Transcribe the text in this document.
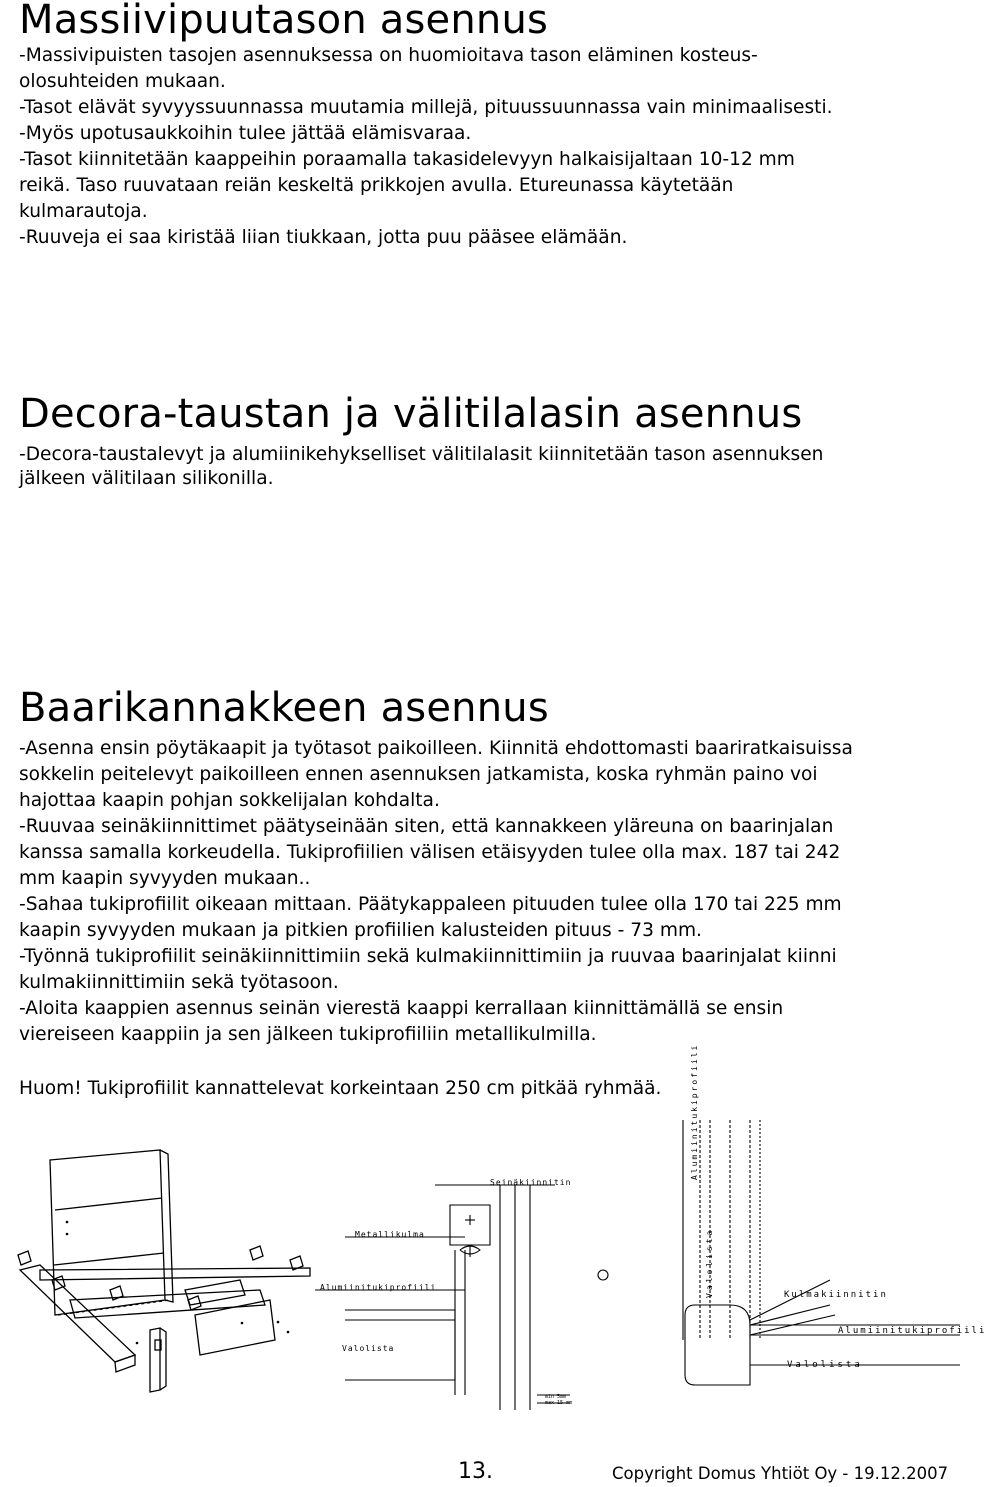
Massiivipuutason asennus
-Massivipuisten tasojen asennuksessa on huomioitava tason eläminen kosteus-
olosuhteiden mukaan.
-Tasot elävät syvyyssuunnassa muutamia millejä, pituussuunnassa vain minimaalisesti.
-Myös upotusaukkoihin tulee jättää elämisvaraa.
-Tasot kiinnitetään kaappeihin poraamalla takasidelevyyn halkaisijaltaan 10-12 mm
reikä. Taso ruuvataan reiän keskeltä prikkojen avulla. Etureunassa käytetään
kulmarautoja.
-Ruuveja ei saa kiristää liian tiukkaan, jotta puu pääsee elämään.
Decora-taustan ja välitilalasin asennus
-Decora-taustalevyt ja alumiinikehykselliset välitilalasit kiinnitetään tason asennuksen
jälkeen välitilaan silikonilla.
Baarikannakkeen asennus
-Asenna ensin pöytäkaapit ja työtasot paikoilleen. Kiinnitä ehdottomasti baariratkaisuissa
sokkelin peitelevyt paikoilleen ennen asennuksen jatkamista, koska ryhmän paino voi
hajottaa kaapin pohjan sokkelijalan kohdalta.
-Ruuvaa seinäkiinnittimet päätyseinään siten, että kannakkeen yläreuna on baarinjalan
kanssa samalla korkeudella. Tukiprofiilien välisen etäisyyden tulee olla max. 187 tai 242
mm kaapin syvyyden mukaan..
-Sahaa tukiprofiilit oikeaan mittaan. Päätykappaleen pituuden tulee olla 170 tai 225 mm
kaapin syvyyden mukaan ja pitkien profiilien kalusteiden pituus - 73 mm.
-Työnnä tukiprofiilit seinäkiinnittimiin sekä kulmakiinnittimiin ja ruuvaa baarinjalat kiinni
kulmakiinnittimiin sekä työtasoon.
-Aloita kaappien asennus seinän vierestä kaappi kerrallaan kiinnittämällä se ensin
viereiseen kaappiin ja sen jälkeen tukiprofiiliin metallikulmilla.
Huom! Tukiprofiilit kannattelevat korkeintaan 250 cm pitkää ryhmää.
Seinäkiinnitin
Metallikulma
Alumiinitukiprofiili
Valolista
Alumiinitukiprofiili
Valolista	Kulmakiinnitin
Alumiinitukiprofiili
Valolista
min 5mm
max 15 mm
13.	Copyright Domus Yhtiöt Oy - 19.12.2007
